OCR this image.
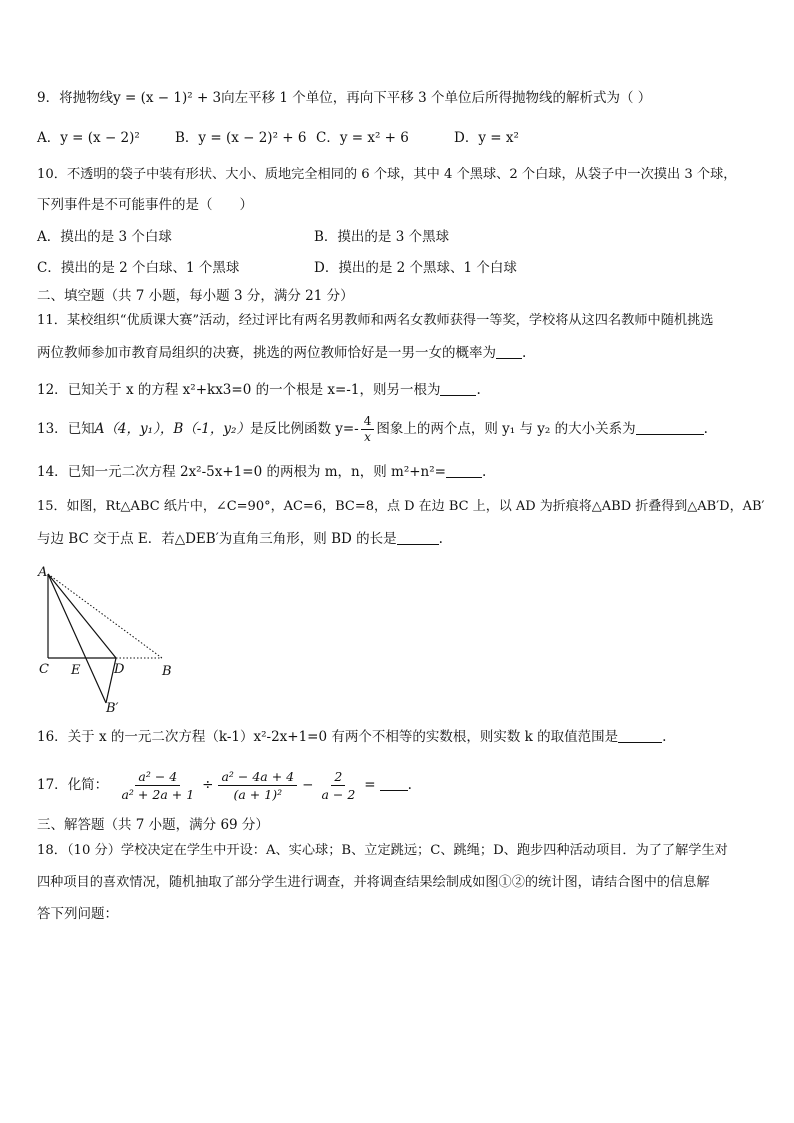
9．将抛物线y = (x − 1)² + 3向左平移 1 个单位，再向下平移 3 个单位后所得抛物线的解析式为（ ）
A．y = (x − 2)²	B．y = (x − 2)² + 6 C．y = x² + 6	D．y = x²
10．不透明的袋子中装有形状、大小、质地完全相同的 6 个球，其中 4 个黑球、2 个白球，从袋子中一次摸出 3 个球，
下列事件是不可能事件的是（　　）
A．摸出的是 3 个白球	B．摸出的是 3 个黑球
C．摸出的是 2 个白球、1 个黑球	D．摸出的是 2 个黑球、1 个白球
二、填空题（共 7 小题，每小题 3 分，满分 21 分）
11．某校组织“优质课大赛”活动，经过评比有两名男教师和两名女教师获得一等奖，学校将从这四名教师中随机挑选
两位教师参加市教育局组织的决赛，挑选的两位教师恰好是一男一女的概率为 .
12．已知关于 x 的方程 x²+kx3=0 的一个根是 x=-1，则另一根为	.
13．已知A（4，y₁），B（-1，y₂）是反比例函数 $y=- \frac{4}{x}$ 图象上的两个点，则 y₁ 与 y₂ 的大小关系为	.
14．已知一元二次方程 2x²-5x+1=0 的两根为 m，n，则 m²+n²=	.
15．如图，Rt△ABC 纸片中，∠C=90°，AC=6，BC=8，点 D 在边 BC 上，以 AD 为折痕将△ABD 折叠得到△AB′D，AB′
与边 BC 交于点 E．若△DEB′为直角三角形，则 BD 的长是	.
A
C E	D	B
B′
16．关于 x 的一元二次方程（k-1）x²-2x+1=0 有两个不相等的实数根，则实数 k 的取值范围是	.
17．化简： $\frac{\text{a² − 4}}{\text{a² + 2a + 1}} \div \frac{\text{a² − 4a + 4}}{\text{(a + 1)²}} - \frac{2}{a - 2}$ = .
三、解答题（共 7 小题，满分 69 分）
18．（10 分）学校决定在学生中开设：A、实心球；B、立定跳远；C、跳绳；D、跑步四种活动项目．为了了解学生对
四种项目的喜欢情况，随机抽取了部分学生进行调查，并将调查结果绘制成如图①②的统计图，请结合图中的信息解
答下列问题：
